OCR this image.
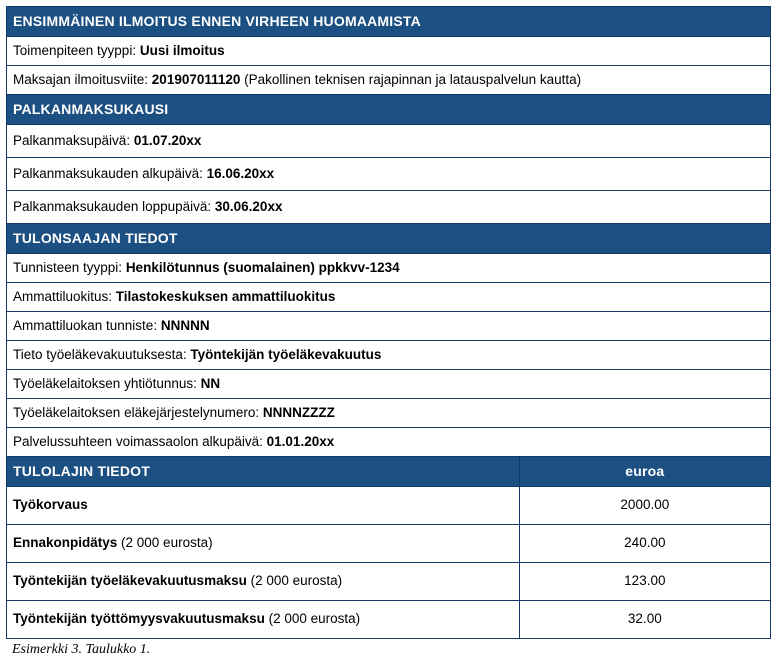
ENSIMMÄINEN ILMOITUS ENNEN VIRHEEN HUOMAAMISTA	
Toimenpiteen tyyppi: Uusi ilmoitus	
Maksajan ilmoitusviite: 201907011120 (Pakollinen teknisen rajapinnan ja latauspalvelun kautta)	
PALKANMAKSUKAUSI	
Palkanmaksupäivä: 01.07.20xx	
Palkanmaksukauden alkupäivä: 16.06.20xx	
Palkanmaksukauden loppupäivä: 30.06.20xx	
TULONSAAJAN TIEDOT	
Tunnisteen tyyppi: Henkilötunnus (suomalainen) ppkkvv-1234	
Ammattiluokitus: Tilastokeskuksen ammattiluokitus	
Ammattiluokan tunniste: NNNNN	
Tieto työeläkevakuutuksesta: Työntekijän työeläkevakuutus	
Työeläkelaitoksen yhtiötunnus: NN	
Työeläkelaitoksen eläkejärjestelynumero: NNNNZZZZ	
Palvelussuhteen voimassaolon alkupäivä: 01.01.20xx	
TULOLAJIN TIEDOT	euroa
Työkorvaus	2000.00
Ennakonpidätys (2 000 eurosta)	240.00
Työntekijän työeläkevakuutusmaksu (2 000 eurosta)	123.00
Työntekijän työttömyysvakuutusmaksu (2 000 eurosta)	32.00
Esimerkki 3. Taulukko 1.
